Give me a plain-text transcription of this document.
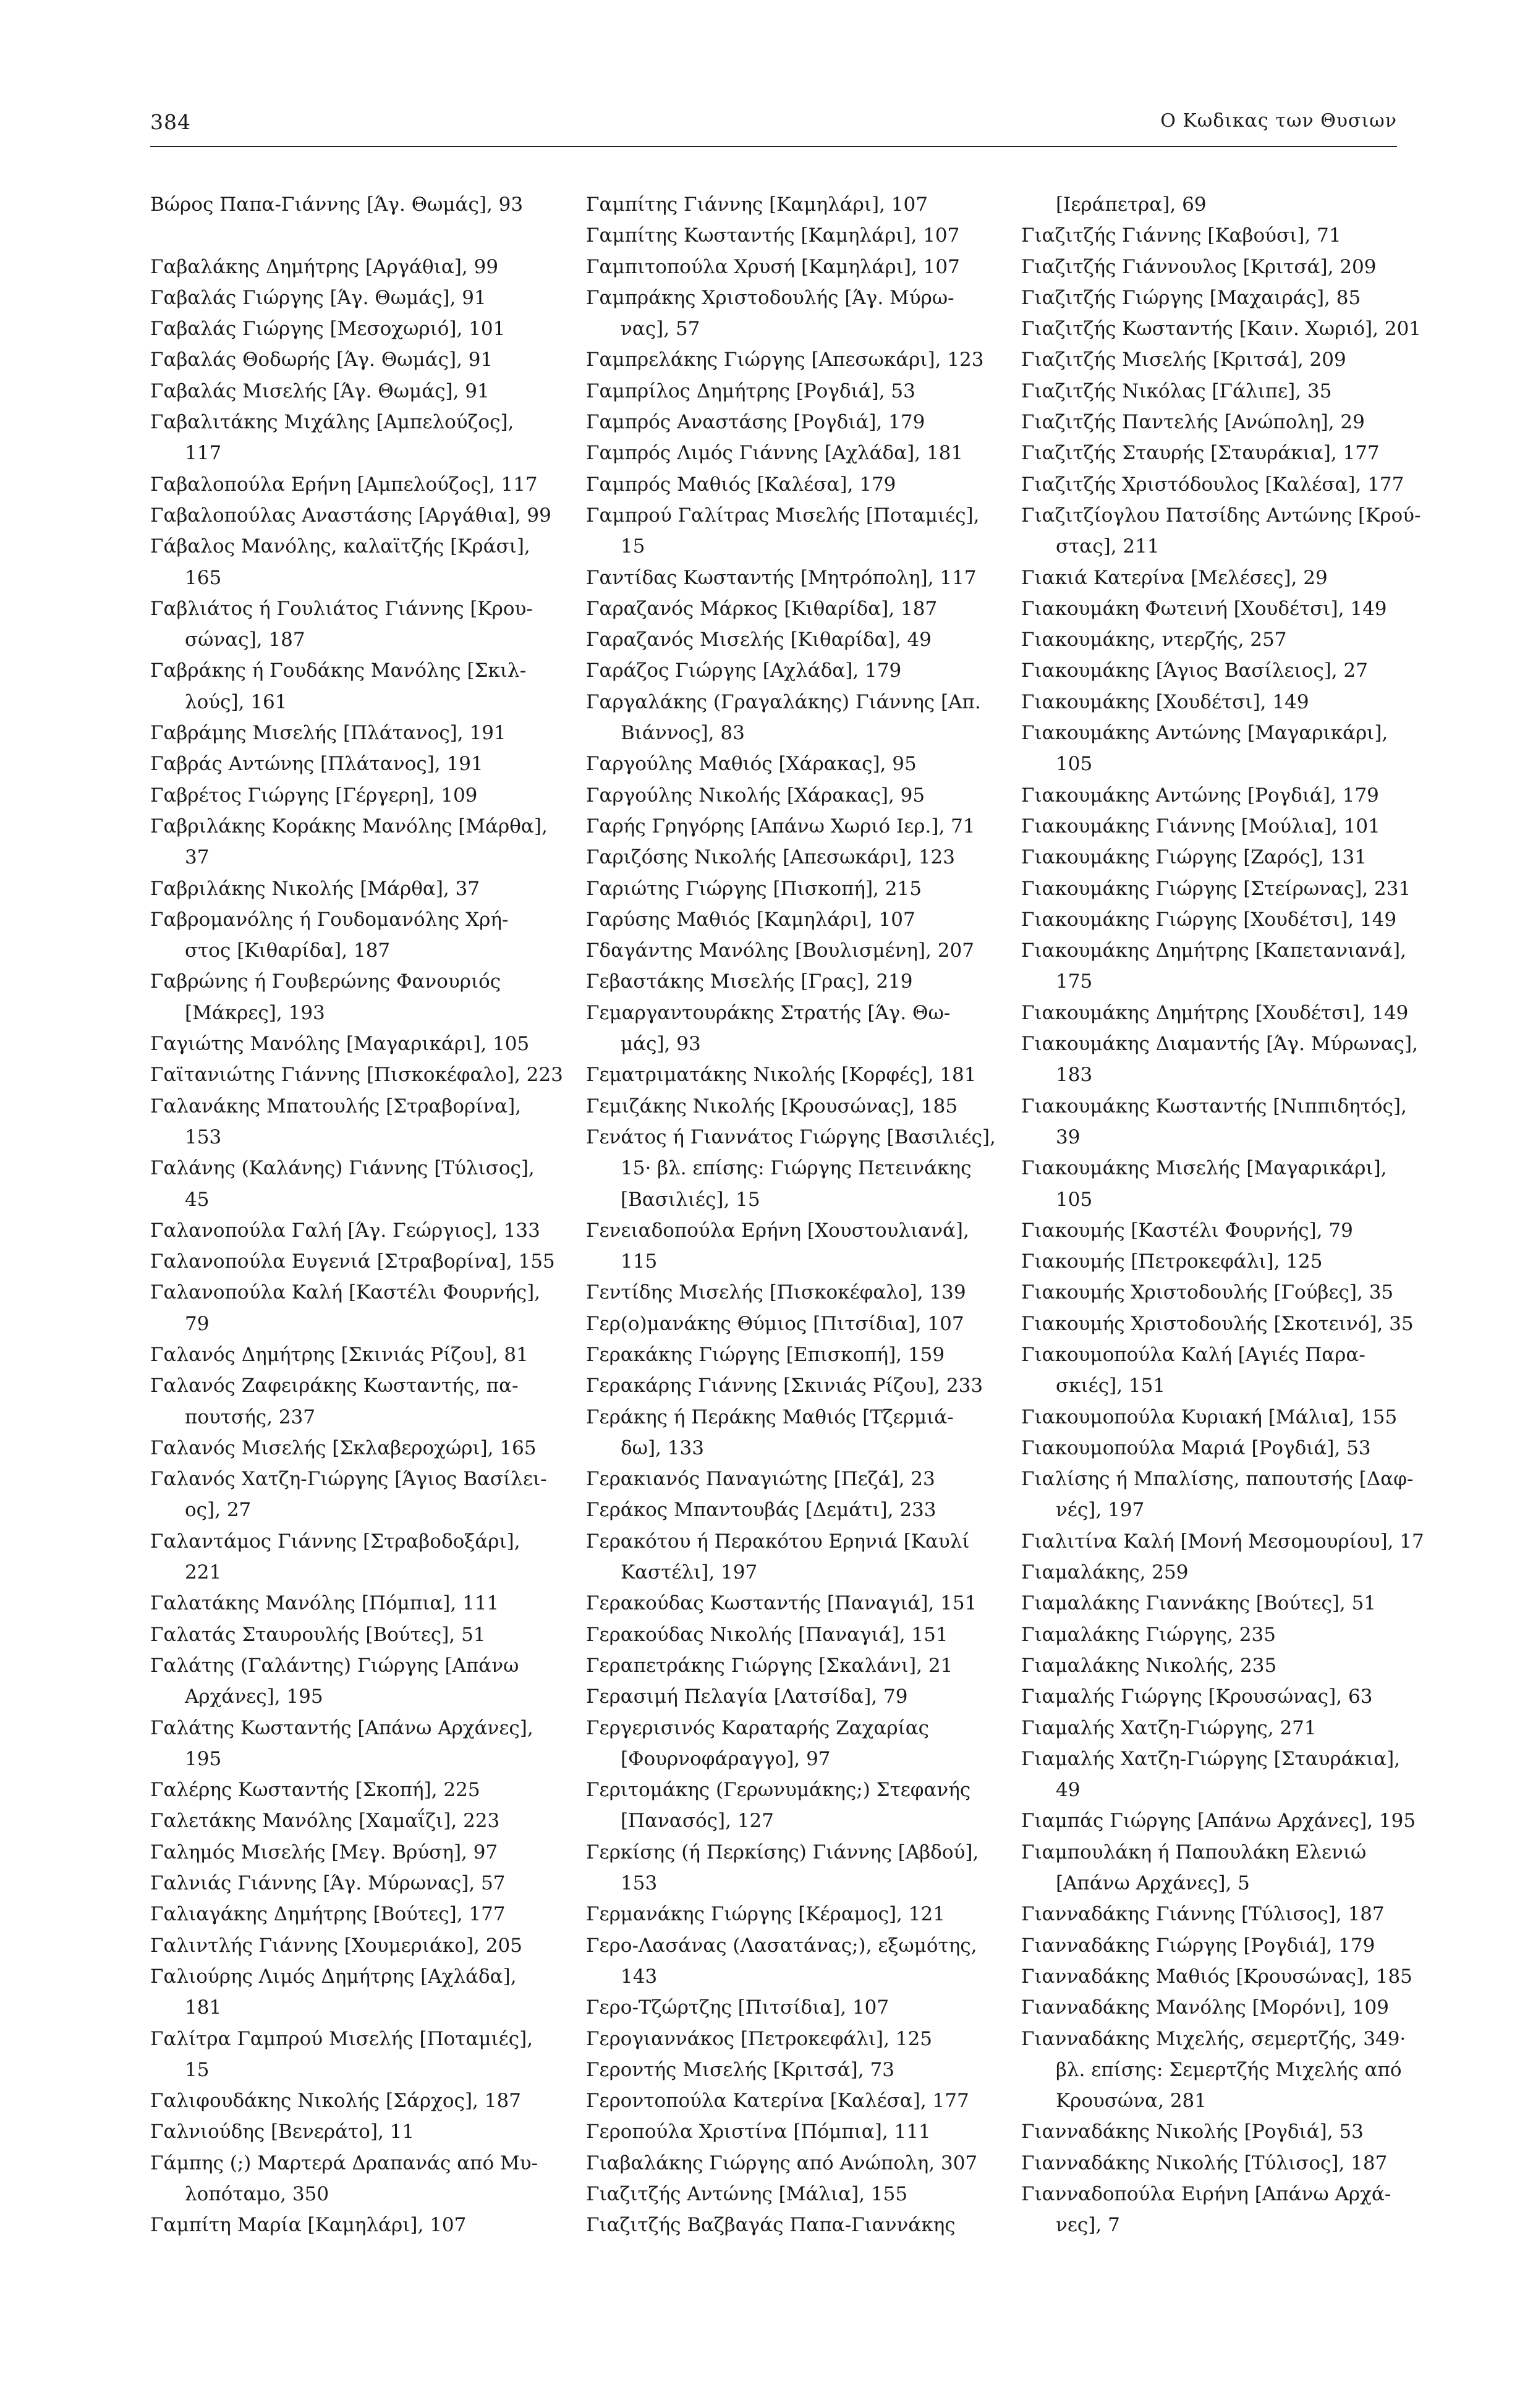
384	Ο Κωδικας των Θυσιων
Βώρος Παπα-Γιάννης [Άγ. Θωμάς], 93
Γαβαλάκης Δημήτρης [Αργάθια], 99
Γαβαλάς Γιώργης [Άγ. Θωμάς], 91
Γαβαλάς Γιώργης [Μεσοχωριό], 101
Γαβαλάς Θοδωρής [Άγ. Θωμάς], 91
Γαβαλάς Μισελής [Άγ. Θωμάς], 91
Γαβαλιτάκης Μιχάλης [Αμπελούζος],
117
Γαβαλοπούλα Ερήνη [Αμπελούζος], 117
Γαβαλοπούλας Αναστάσης [Αργάθια], 99
Γάβαλος Μανόλης, καλαϊτζής [Κράσι],
165
Γαβλιάτος ή Γουλιάτος Γιάννης [Κρου-
σώνας], 187
Γαβράκης ή Γουδάκης Μανόλης [Σκιλ-
λούς], 161
Γαβράμης Μισελής [Πλάτανος], 191
Γαβράς Αντώνης [Πλάτανος], 191
Γαβρέτος Γιώργης [Γέργερη], 109
Γαβριλάκης Κοράκης Μανόλης [Μάρθα],
37
Γαβριλάκης Νικολής [Μάρθα], 37
Γαβρομανόλης ή Γουδομανόλης Χρή-
στος [Κιθαρίδα], 187
Γαβρώνης ή Γουβερώνης Φανουριός
[Μάκρες], 193
Γαγιώτης Μανόλης [Μαγαρικάρι], 105
Γαϊτανιώτης Γιάννης [Πισκοκέφαλο], 223
Γαλανάκης Μπατουλής [Στραβορίνα],
153
Γαλάνης (Καλάνης) Γιάννης [Τύλισος],
45
Γαλανοπούλα Γαλή [Άγ. Γεώργιος], 133
Γαλανοπούλα Ευγενιά [Στραβορίνα], 155
Γαλανοπούλα Καλή [Καστέλι Φουρνής],
79
Γαλανός Δημήτρης [Σκινιάς Ρίζου], 81
Γαλανός Ζαφειράκης Κωσταντής, πα-
πουτσής, 237
Γαλανός Μισελής [Σκλαβεροχώρι], 165
Γαλανός Χατζη-Γιώργης [Άγιος Βασίλει-
ος], 27
Γαλαντάμος Γιάννης [Στραβοδοξάρι],
221
Γαλατάκης Μανόλης [Πόμπια], 111
Γαλατάς Σταυρουλής [Βούτες], 51
Γαλάτης (Γαλάντης) Γιώργης [Απάνω
Αρχάνες], 195
Γαλάτης Κωσταντής [Απάνω Αρχάνες],
195
Γαλέρης Κωσταντής [Σκοπή], 225
Γαλετάκης Μανόλης [Χαμαΐζι], 223
Γαλημός Μισελής [Μεγ. Βρύση], 97
Γαλνιάς Γιάννης [Άγ. Μύρωνας], 57
Γαλιαγάκης Δημήτρης [Βούτες], 177
Γαλιντλής Γιάννης [Χουμεριάκο], 205
Γαλιούρης Λιμός Δημήτρης [Αχλάδα],
181
Γαλίτρα Γαμπρού Μισελής [Ποταμιές],
15
Γαλιφουδάκης Νικολής [Σάρχος], 187
Γαλνιούδης [Βενεράτο], 11
Γάμπης (;) Μαρτερά Δραπανάς από Μυ-
λοπόταμο, 350
Γαμπίτη Μαρία [Καμηλάρι], 107
Γαμπίτης Γιάννης [Καμηλάρι], 107
Γαμπίτης Κωσταντής [Καμηλάρι], 107
Γαμπιτοπούλα Χρυσή [Καμηλάρι], 107
Γαμπράκης Χριστοδουλής [Άγ. Μύρω-
νας], 57
Γαμπρελάκης Γιώργης [Απεσωκάρι], 123
Γαμπρίλος Δημήτρης [Ρογδιά], 53
Γαμπρός Αναστάσης [Ρογδιά], 179
Γαμπρός Λιμός Γιάννης [Αχλάδα], 181
Γαμπρός Μαθιός [Καλέσα], 179
Γαμπρού Γαλίτρας Μισελής [Ποταμιές],
15
Γαντίδας Κωσταντής [Μητρόπολη], 117
Γαραζανός Μάρκος [Κιθαρίδα], 187
Γαραζανός Μισελής [Κιθαρίδα], 49
Γαράζος Γιώργης [Αχλάδα], 179
Γαργαλάκης (Γραγαλάκης) Γιάννης [Απ.
Βιάννος], 83
Γαργούλης Μαθιός [Χάρακας], 95
Γαργούλης Νικολής [Χάρακας], 95
Γαρής Γρηγόρης [Απάνω Χωριό Ιερ.], 71
Γαριζόσης Νικολής [Απεσωκάρι], 123
Γαριώτης Γιώργης [Πισκοπή], 215
Γαρύσης Μαθιός [Καμηλάρι], 107
Γδαγάντης Μανόλης [Βουλισμένη], 207
Γεβαστάκης Μισελής [Γρας], 219
Γεμαργαντουράκης Στρατής [Άγ. Θω-
μάς], 93
Γεματριματάκης Νικολής [Κορφές], 181
Γεμιζάκης Νικολής [Κρουσώνας], 185
Γενάτος ή Γιαννάτος Γιώργης [Βασιλιές],
15· βλ. επίσης: Γιώργης Πετεινάκης
[Βασιλιές], 15
Γενειαδοπούλα Ερήνη [Χουστουλιανά],
115
Γεντίδης Μισελής [Πισκοκέφαλο], 139
Γερ(ο)μανάκης Θύμιος [Πιτσίδια], 107
Γερακάκης Γιώργης [Επισκοπή], 159
Γερακάρης Γιάννης [Σκινιάς Ρίζου], 233
Γεράκης ή Περάκης Μαθιός [Τζερμιά-
δω], 133
Γερακιανός Παναγιώτης [Πεζά], 23
Γεράκος Μπαντουβάς [Δεμάτι], 233
Γερακότου ή Περακότου Ερηνιά [Καυλί
Καστέλι], 197
Γερακούδας Κωσταντής [Παναγιά], 151
Γερακούδας Νικολής [Παναγιά], 151
Γεραπετράκης Γιώργης [Σκαλάνι], 21
Γερασιμή Πελαγία [Λατσίδα], 79
Γεργερισινός Καραταρής Ζαχαρίας
[Φουρνοφάραγγο], 97
Γεριτομάκης (Γερωνυμάκης;) Στεφανής
[Πανασός], 127
Γερκίσης (ή Περκίσης) Γιάννης [Αβδού],
153
Γερμανάκης Γιώργης [Κέραμος], 121
Γερο-Λασάνας (Λασατάνας;), εξωμότης,
143
Γερο-Τζώρτζης [Πιτσίδια], 107
Γερογιαννάκος [Πετροκεφάλι], 125
Γεροντής Μισελής [Κριτσά], 73
Γεροντοπούλα Κατερίνα [Καλέσα], 177
Γεροπούλα Χριστίνα [Πόμπια], 111
Γιαβαλάκης Γιώργης από Ανώπολη, 307
Γιαζιτζής Αντώνης [Μάλια], 155
Γιαζιτζής Βαζβαγάς Παπα-Γιαννάκης
[Ιεράπετρα], 69
Γιαζιτζής Γιάννης [Καβούσι], 71
Γιαζιτζής Γιάννουλος [Κριτσά], 209
Γιαζιτζής Γιώργης [Μαχαιράς], 85
Γιαζιτζής Κωσταντής [Καιν. Χωριό], 201
Γιαζιτζής Μισελής [Κριτσά], 209
Γιαζιτζής Νικόλας [Γάλιπε], 35
Γιαζιτζής Παντελής [Ανώπολη], 29
Γιαζιτζής Σταυρής [Σταυράκια], 177
Γιαζιτζής Χριστόδουλος [Καλέσα], 177
Γιαζιτζίογλου Πατσίδης Αντώνης [Κρού-
στας], 211
Γιακιά Κατερίνα [Μελέσες], 29
Γιακουμάκη Φωτεινή [Χουδέτσι], 149
Γιακουμάκης, ντερζής, 257
Γιακουμάκης [Άγιος Βασίλειος], 27
Γιακουμάκης [Χουδέτσι], 149
Γιακουμάκης Αντώνης [Μαγαρικάρι],
105
Γιακουμάκης Αντώνης [Ρογδιά], 179
Γιακουμάκης Γιάννης [Μούλια], 101
Γιακουμάκης Γιώργης [Ζαρός], 131
Γιακουμάκης Γιώργης [Στείρωνας], 231
Γιακουμάκης Γιώργης [Χουδέτσι], 149
Γιακουμάκης Δημήτρης [Καπετανιανά],
175
Γιακουμάκης Δημήτρης [Χουδέτσι], 149
Γιακουμάκης Διαμαντής [Άγ. Μύρωνας],
183
Γιακουμάκης Κωσταντής [Νιππιδητός],
39
Γιακουμάκης Μισελής [Μαγαρικάρι],
105
Γιακουμής [Καστέλι Φουρνής], 79
Γιακουμής [Πετροκεφάλι], 125
Γιακουμής Χριστοδουλής [Γούβες], 35
Γιακουμής Χριστοδουλής [Σκοτεινό], 35
Γιακουμοπούλα Καλή [Αγιές Παρα-
σκιές], 151
Γιακουμοπούλα Κυριακή [Μάλια], 155
Γιακουμοπούλα Μαριά [Ρογδιά], 53
Γιαλίσης ή Μπαλίσης, παπουτσής [Δαφ-
νές], 197
Γιαλιτίνα Καλή [Μονή Μεσομουρίου], 17
Γιαμαλάκης, 259
Γιαμαλάκης Γιαννάκης [Βούτες], 51
Γιαμαλάκης Γιώργης, 235
Γιαμαλάκης Νικολής, 235
Γιαμαλής Γιώργης [Κρουσώνας], 63
Γιαμαλής Χατζη-Γιώργης, 271
Γιαμαλής Χατζη-Γιώργης [Σταυράκια],
49
Γιαμπάς Γιώργης [Απάνω Αρχάνες], 195
Γιαμπουλάκη ή Παπουλάκη Ελενιώ
[Απάνω Αρχάνες], 5
Γιανναδάκης Γιάννης [Τύλισος], 187
Γιανναδάκης Γιώργης [Ρογδιά], 179
Γιανναδάκης Μαθιός [Κρουσώνας], 185
Γιανναδάκης Μανόλης [Μορόνι], 109
Γιανναδάκης Μιχελής, σεμερτζής, 349·
βλ. επίσης: Σεμερτζής Μιχελής από
Κρουσώνα, 281
Γιανναδάκης Νικολής [Ρογδιά], 53
Γιανναδάκης Νικολής [Τύλισος], 187
Γιανναδοπούλα Ειρήνη [Απάνω Αρχά-
νες], 7
